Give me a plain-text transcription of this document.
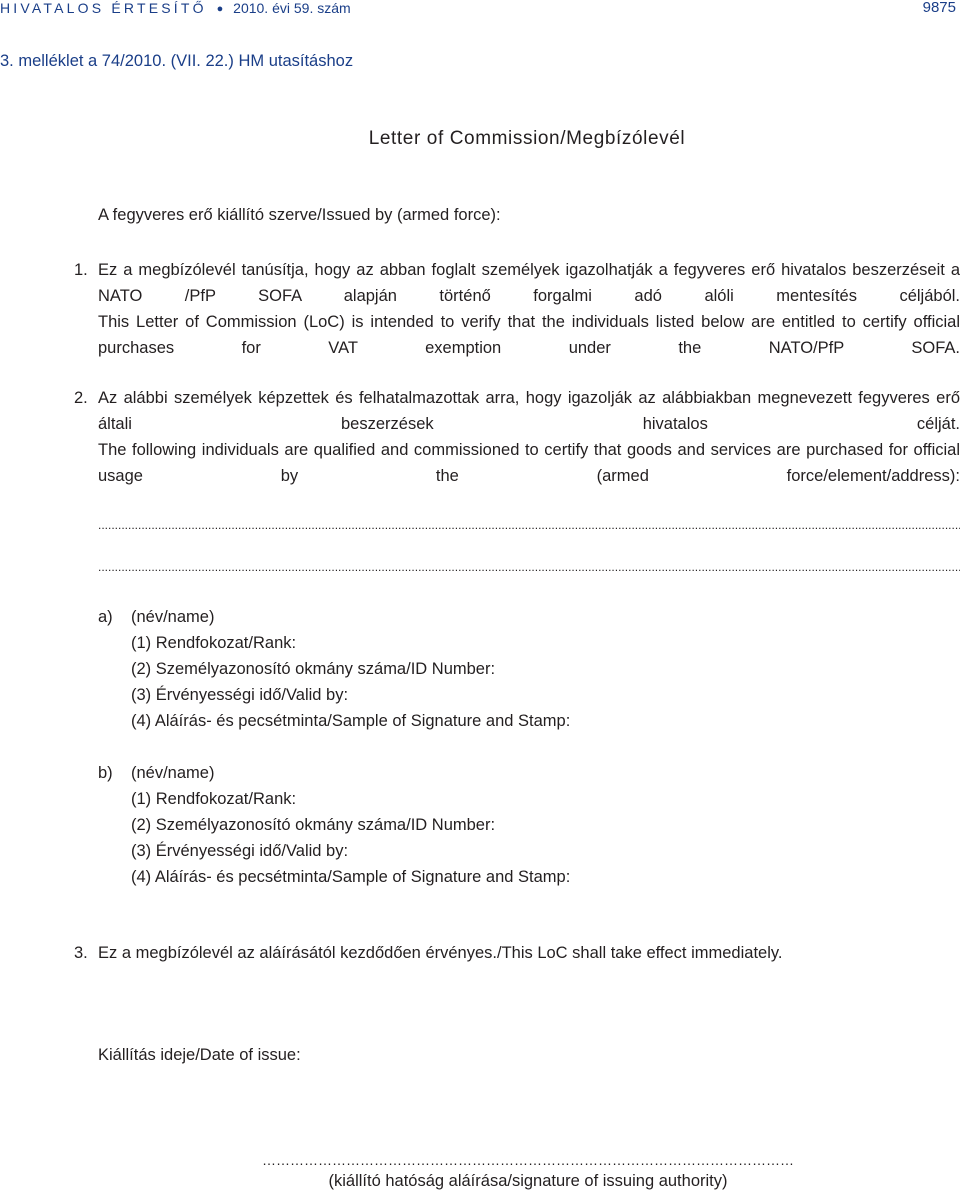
HIVATALOS ÉRTESÍTŐ ● 2010. évi 59. szám	9875
3. melléklet a 74/2010. (VII. 22.) HM utasításhoz
Letter of Commission/Megbízólevél
A fegyveres erő kiállító szerve/Issued by (armed force):
1. Ez a megbízólevél tanúsítja, hogy az abban foglalt személyek igazolhatják a fegyveres erő hivatalos beszerzéseit a NATO /PfP SOFA alapján történő forgalmi adó alóli mentesítés céljából.

This Letter of Commission (LoC) is intended to verify that the individuals listed below are entitled to certify official purchases for VAT exemption under the NATO/PfP SOFA.

2. Az alábbi személyek képzettek és felhatalmazottak arra, hogy igazolják az alábbiakban megnevezett fegyveres erő általi beszerzések hivatalos célját.

The following individuals are qualified and commissioned to certify that goods and services are purchased for official usage by the (armed force/element/address):

.....
.....
a) (név/name)
(1) Rendfokozat/Rank:
(2) Személyazonosító okmány száma/ID Number:
(3) Érvényességi idő/Valid by:
(4) Aláírás- és pecsétminta/Sample of Signature and Stamp:
b) (név/name)
(1) Rendfokozat/Rank:
(2) Személyazonosító okmány száma/ID Number:
(3) Érvényességi idő/Valid by:
(4) Aláírás- és pecsétminta/Sample of Signature and Stamp:
3. Ez a megbízólevél az aláírásától kezdődően érvényes./This LoC shall take effect immediately.
Kiállítás ideje/Date of issue:
……………………………………………………………………………………………………
(kiállító hatóság aláírása/signature of issuing authority)
